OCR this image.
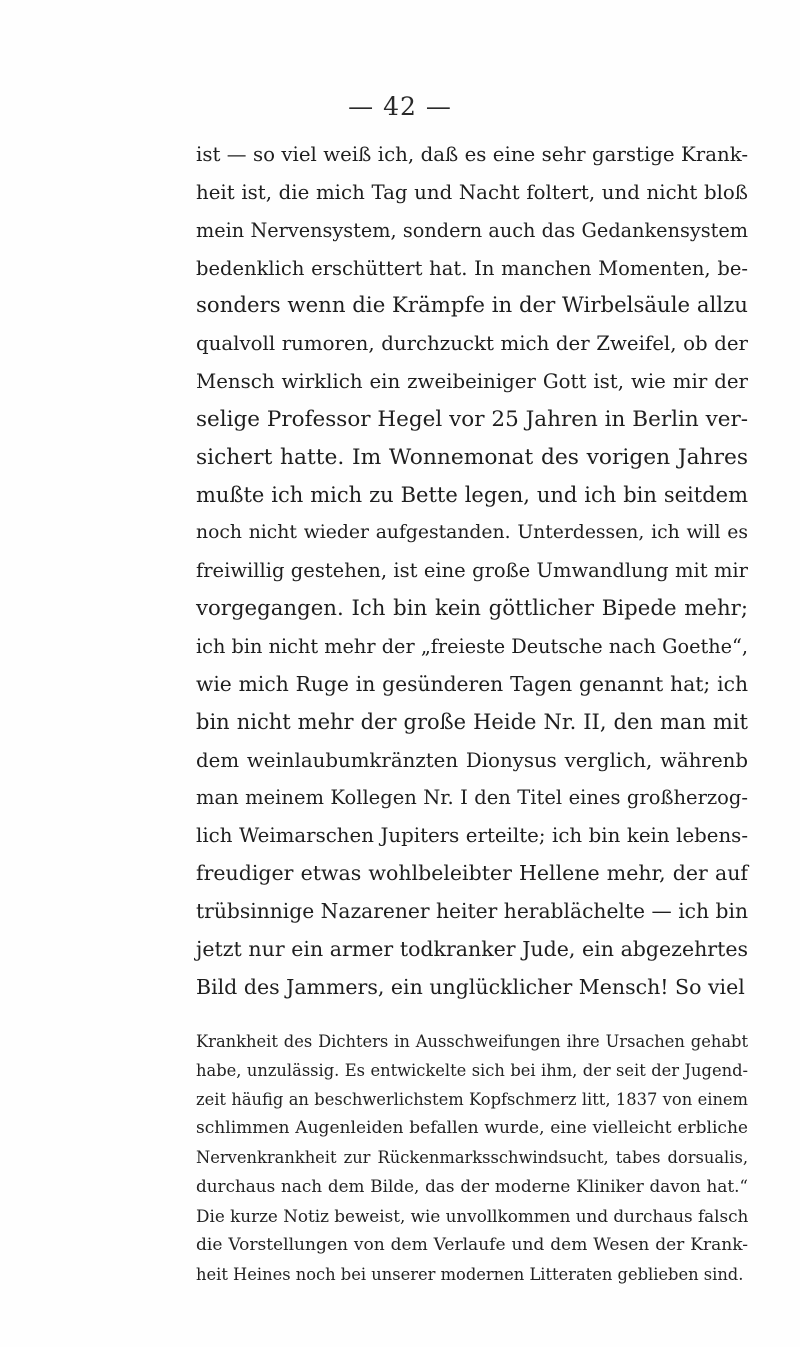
— 42 —
ist — so viel weiß ich, daß es eine sehr garstige Krank-
heit ist, die mich Tag und Nacht foltert, und nicht bloß
mein Nervensystem, sondern auch das Gedankensystem
bedenklich erschüttert hat. In manchen Momenten, be-
sonders wenn die Krämpfe in der Wirbelsäule allzu
qualvoll rumoren, durchzuckt mich der Zweifel, ob der
Mensch wirklich ein zweibeiniger Gott ist, wie mir der
selige Professor Hegel vor 25 Jahren in Berlin ver-
sichert hatte. Im Wonnemonat des vorigen Jahres
mußte ich mich zu Bette legen, und ich bin seitdem
noch nicht wieder aufgestanden. Unterdessen, ich will es
freiwillig gestehen, ist eine große Umwandlung mit mir
vorgegangen. Ich bin kein göttlicher Bipede mehr;
ich bin nicht mehr der „freieste Deutsche nach Goethe“,
wie mich Ruge in gesünderen Tagen genannt hat; ich
bin nicht mehr der große Heide Nr. II, den man mit
dem weinlaubumkränzten Dionysus verglich, währenb
man meinem Kollegen Nr. I den Titel eines großherzog-
lich Weimarschen Jupiters erteilte; ich bin kein lebens-
freudiger etwas wohlbeleibter Hellene mehr, der auf
trübsinnige Nazarener heiter herablächelte — ich bin
jetzt nur ein armer todkranker Jude, ein abgezehrtes
Bild des Jammers, ein unglücklicher Mensch! So viel
Krankheit des Dichters in Ausschweifungen ihre Ursachen gehabt
habe, unzulässig. Es entwickelte sich bei ihm, der seit der Jugend-
zeit häufig an beschwerlichstem Kopfschmerz litt, 1837 von einem
schlimmen Augenleiden befallen wurde, eine vielleicht erbliche
Nervenkrankheit zur Rückenmarksschwindsucht, tabes dorsualis,
durchaus nach dem Bilde, das der moderne Kliniker davon hat.“
Die kurze Notiz beweist, wie unvollkommen und durchaus falsch
die Vorstellungen von dem Verlaufe und dem Wesen der Krank-
heit Heines noch bei unserer modernen Litteraten geblieben sind.
